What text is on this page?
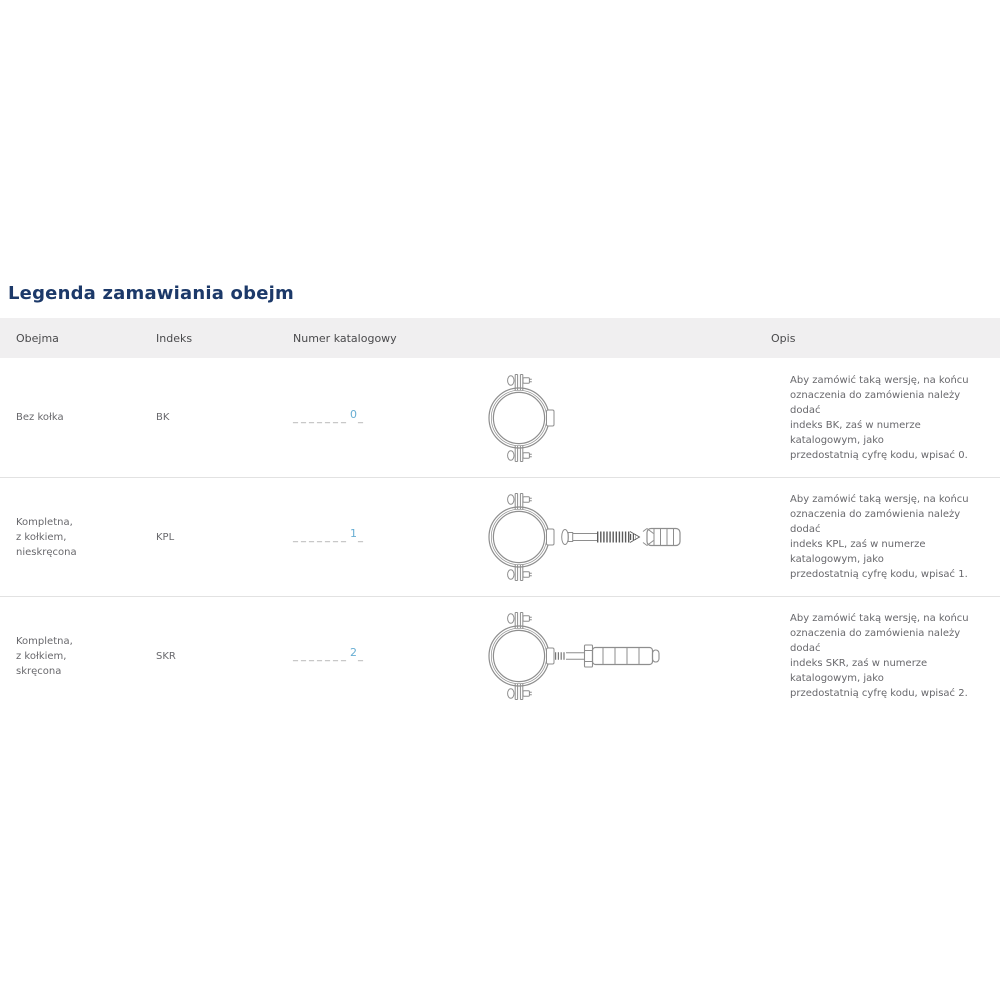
Legenda zamawiania obejm
Obejma	Indeks	Numer katalogowy	Opis
Bez kołka	BK	_______0_
Aby zamówić taką wersję, na końcu
oznaczenia do zamówienia należy dodać
indeks BK, zaś w numerze katalogowym, jako
przedostatnią cyfrę kodu, wpisać 0.
Kompletna,
z kołkiem,
nieskręcona
KPL	_______1_
Aby zamówić taką wersję, na końcu
oznaczenia do zamówienia należy dodać
indeks KPL, zaś w numerze katalogowym, jako
przedostatnią cyfrę kodu, wpisać 1.
Kompletna,
z kołkiem,
skręcona
SKR	_______2_
Aby zamówić taką wersję, na końcu
oznaczenia do zamówienia należy dodać
indeks SKR, zaś w numerze katalogowym, jako
przedostatnią cyfrę kodu, wpisać 2.
